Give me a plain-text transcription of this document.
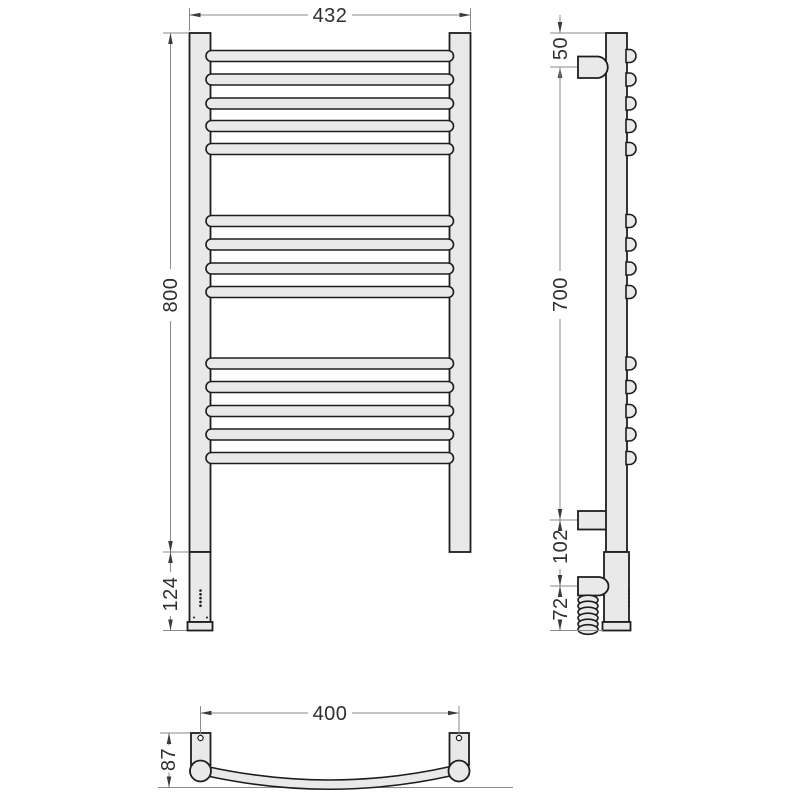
432
800
124
50
700
102
72
400
87
